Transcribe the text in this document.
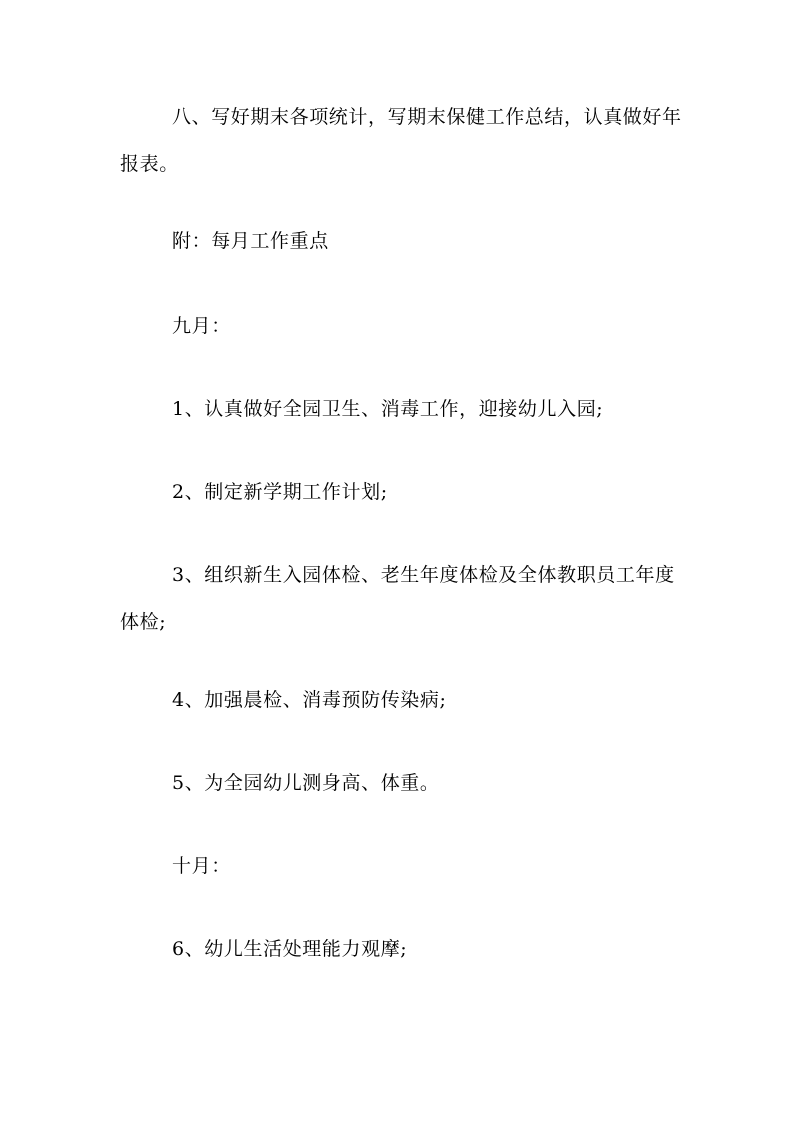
八、写好期末各项统计，写期末保健工作总结，认真做好年报表。

附：每月工作重点

九月：

1、认真做好全园卫生、消毒工作，迎接幼儿入园;

2、制定新学期工作计划;

3、组织新生入园体检、老生年度体检及全体教职员工年度体检;

4、加强晨检、消毒预防传染病;

5、为全园幼儿测身高、体重。

十月：

6、幼儿生活处理能力观摩;
